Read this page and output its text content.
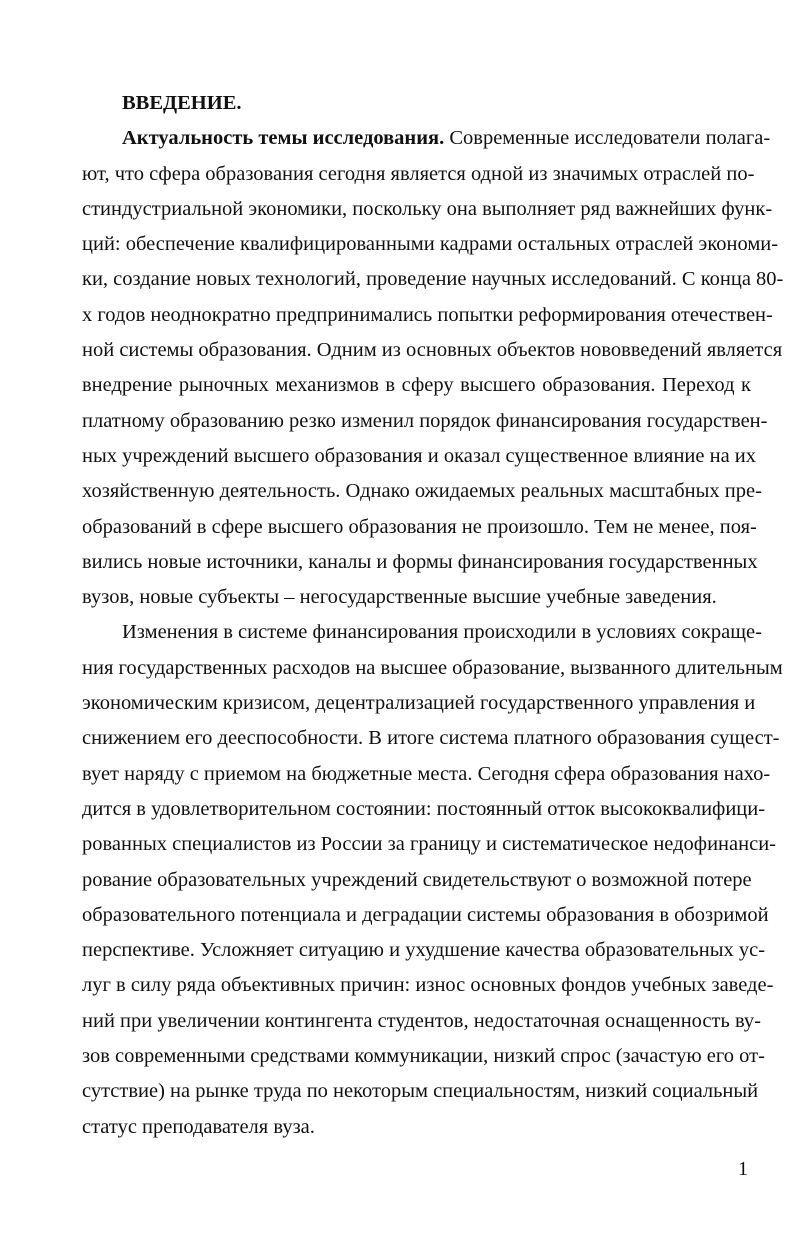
ВВЕДЕНИЕ.
Актуальность темы исследования. Современные исследователи полага-
ют, что сфера образования сегодня является одной из значимых отраслей по-
стиндустриальной экономики, поскольку она выполняет ряд важнейших функ-
ций: обеспечение квалифицированными кадрами остальных отраслей экономи-
ки, создание новых технологий, проведение научных исследований. С конца 80-
х годов неоднократно предпринимались попытки реформирования отечествен-
ной системы образования. Одним из основных объектов нововведений является
внедрение рыночных механизмов в сферу высшего образования. Переход к
платному образованию резко изменил порядок финансирования государствен-
ных учреждений высшего образования и оказал существенное влияние на их
хозяйственную деятельность. Однако ожидаемых реальных масштабных пре-
образований в сфере высшего образования не произошло. Тем не менее, поя-
вились новые источники, каналы и формы финансирования государственных
вузов, новые субъекты – негосударственные высшие учебные заведения.
Изменения в системе финансирования происходили в условиях сокраще-
ния государственных расходов на высшее образование, вызванного длительным
экономическим кризисом, децентрализацией государственного управления и
снижением его дееспособности. В итоге система платного образования сущест-
вует наряду с приемом на бюджетные места. Сегодня сфера образования нахо-
дится в удовлетворительном состоянии: постоянный отток высококвалифици-
рованных специалистов из России за границу и систематическое недофинанси-
рование образовательных учреждений свидетельствуют о возможной потере
образовательного потенциала и деградации системы образования в обозримой
перспективе. Усложняет ситуацию и ухудшение качества образовательных ус-
луг в силу ряда объективных причин: износ основных фондов учебных заведе-
ний при увеличении контингента студентов, недостаточная оснащенность ву-
зов современными средствами коммуникации, низкий спрос (зачастую его от-
сутствие) на рынке труда по некоторым специальностям, низкий социальный
статус преподавателя вуза.
1
